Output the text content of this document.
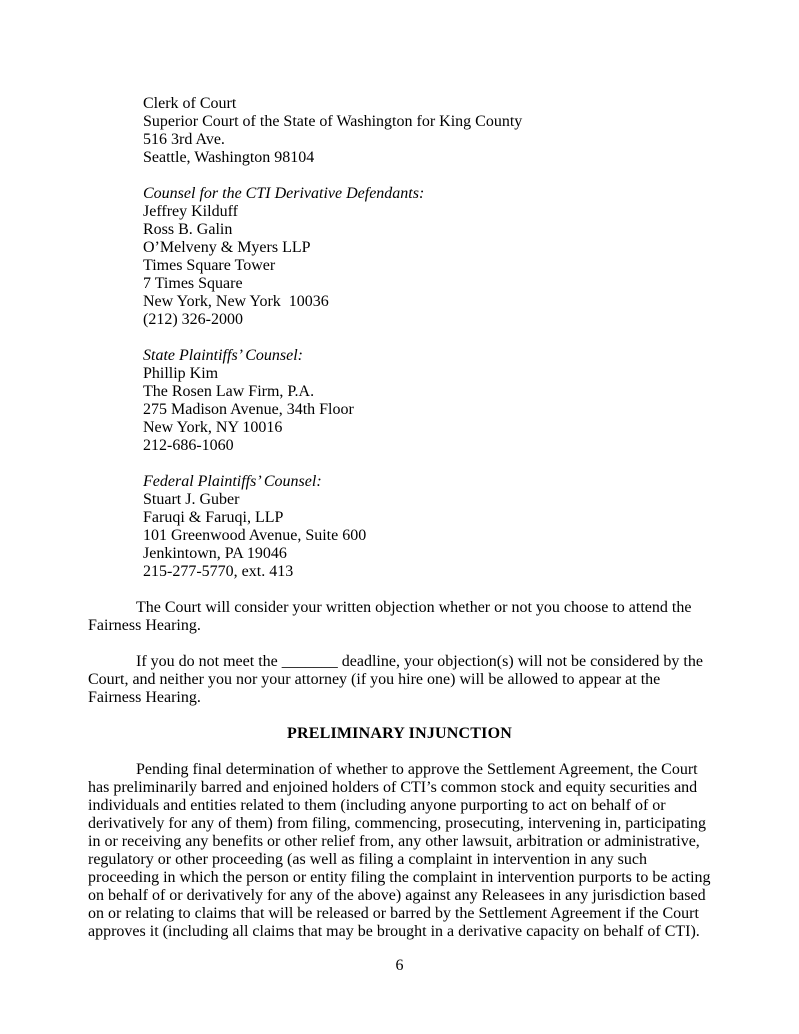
Clerk of Court
Superior Court of the State of Washington for King County
516 3rd Ave.
Seattle, Washington 98104
Counsel for the CTI Derivative Defendants:
Jeffrey Kilduff
Ross B. Galin
O’Melveny & Myers LLP
Times Square Tower
7 Times Square
New York, New York  10036
(212) 326-2000
State Plaintiffs’ Counsel:
Phillip Kim
The Rosen Law Firm, P.A.
275 Madison Avenue, 34th Floor
New York, NY 10016
212-686-1060
Federal Plaintiffs’ Counsel:
Stuart J. Guber
Faruqi & Faruqi, LLP
101 Greenwood Avenue, Suite 600
Jenkintown, PA 19046
215-277-5770, ext. 413

The Court will consider your written objection whether or not you choose to attend the Fairness Hearing.

If you do not meet the _______ deadline, your objection(s) will not be considered by the Court, and neither you nor your attorney (if you hire one) will be allowed to appear at the Fairness Hearing.

PRELIMINARY INJUNCTION

Pending final determination of whether to approve the Settlement Agreement, the Court has preliminarily barred and enjoined holders of CTI’s common stock and equity securities and individuals and entities related to them (including anyone purporting to act on behalf of or derivatively for any of them) from filing, commencing, prosecuting, intervening in, participating in or receiving any benefits or other relief from, any other lawsuit, arbitration or administrative, regulatory or other proceeding (as well as filing a complaint in intervention in any such proceeding in which the person or entity filing the complaint in intervention purports to be acting on behalf of or derivatively for any of the above) against any Releasees in any jurisdiction based on or relating to claims that will be released or barred by the Settlement Agreement if the Court approves it (including all claims that may be brought in a derivative capacity on behalf of CTI).

6
